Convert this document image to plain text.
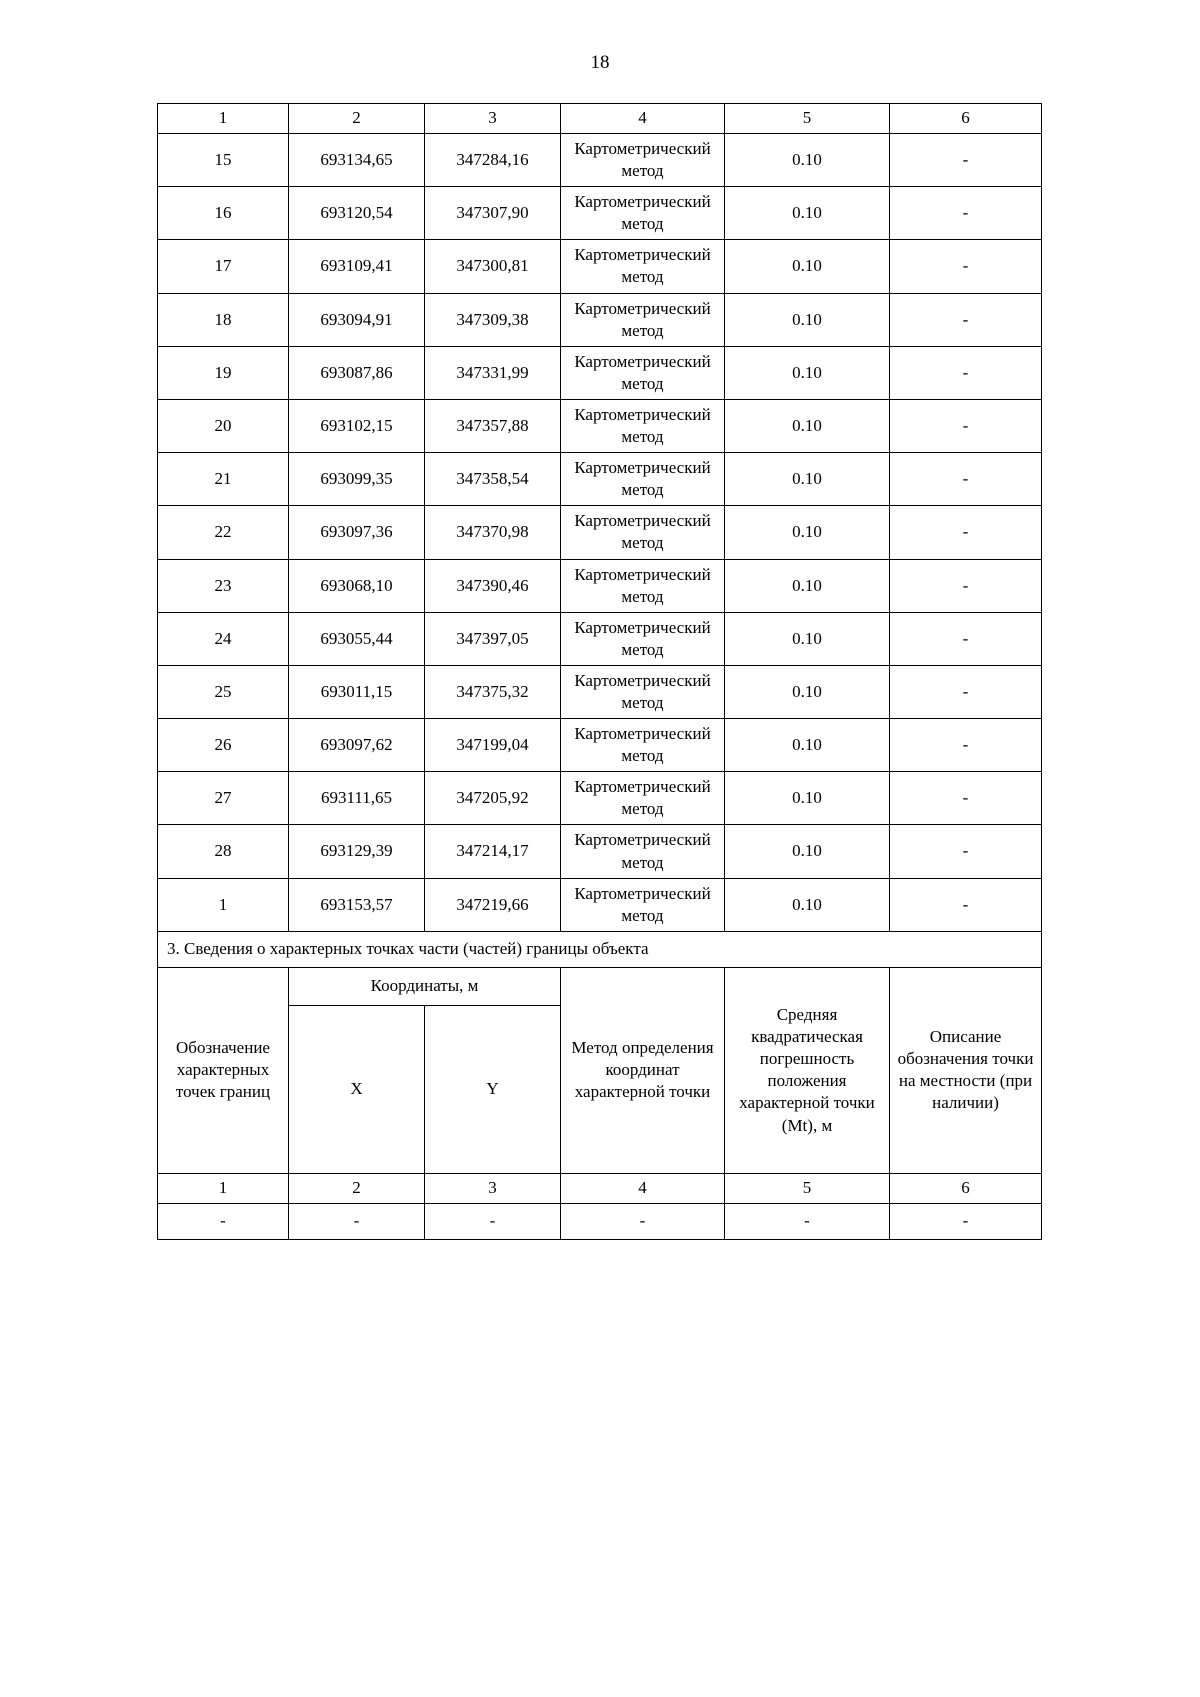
18
1	2	3	4	5	6
15	693134,65	347284,16	Картометрический метод	0.10	-
16	693120,54	347307,90	Картометрический метод	0.10	-
17	693109,41	347300,81	Картометрический метод	0.10	-
18	693094,91	347309,38	Картометрический метод	0.10	-
19	693087,86	347331,99	Картометрический метод	0.10	-
20	693102,15	347357,88	Картометрический метод	0.10	-
21	693099,35	347358,54	Картометрический метод	0.10	-
22	693097,36	347370,98	Картометрический метод	0.10	-
23	693068,10	347390,46	Картометрический метод	0.10	-
24	693055,44	347397,05	Картометрический метод	0.10	-
25	693011,15	347375,32	Картометрический метод	0.10	-
26	693097,62	347199,04	Картометрический метод	0.10	-
27	693111,65	347205,92	Картометрический метод	0.10	-
28	693129,39	347214,17	Картометрический метод	0.10	-
1	693153,57	347219,66	Картометрический метод	0.10	-
3. Сведения о характерных точках части (частей) границы объекта					
Обозначение характерных точек границ	Координаты, м		Метод определения координат характерной точки	Средняя квадратическая погрешность положения характерной точки (Mt), м	Описание обозначения точки на местности (при наличии)
	X	Y			
1	2	3	4	5	6
-	-	-	-	-	-
